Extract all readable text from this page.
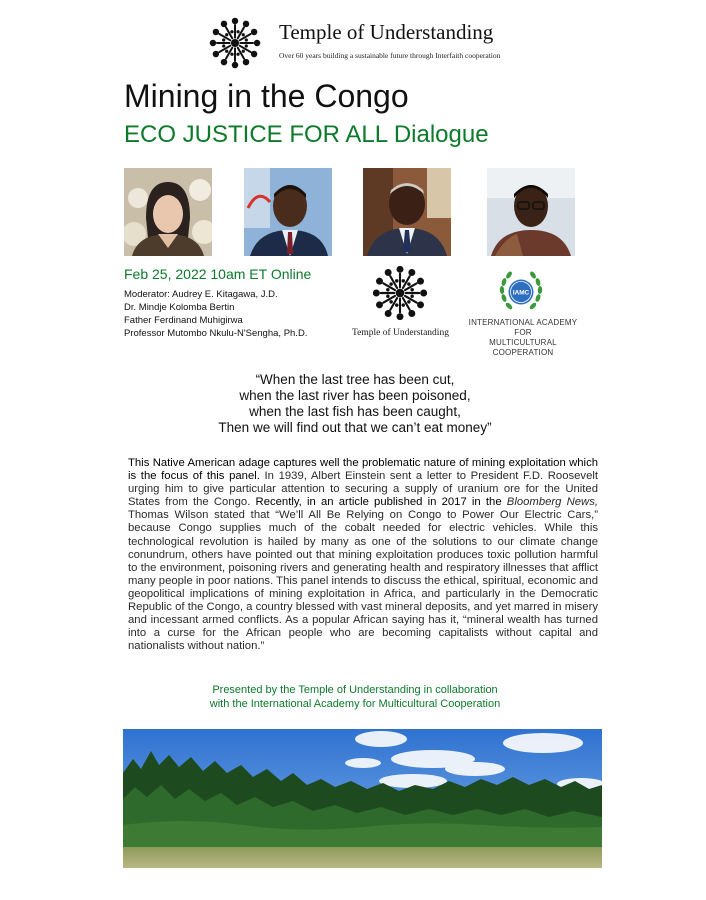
Temple of Understanding
Over 60 years building a sustainable future through Interfaith cooperation
Mining in the Congo
ECO JUSTICE FOR ALL Dialogue
Feb 25, 2022 10am ET Online
Moderator: Audrey E. Kitagawa, J.D.
Dr. Mindje Kolomba Bertin
Father Ferdinand Muhigirwa
Professor Mutombo Nkulu-N'Sengha, Ph.D.	Temple of Understanding
IAMC
INTERNATIONAL ACADEMY FOR
MULTICULTURAL COOPERATION
“When the last tree has been cut,
when the last river has been poisoned,
when the last fish has been caught,
Then we will find out that we can’t eat money”
This Native American adage captures well the problematic nature of mining exploitation which is the focus of this panel. In 1939, Albert Einstein sent a letter to President F.D. Roosevelt urging him to give particular attention to securing a supply of uranium ore for the United States from the Congo. Recently, in an article published in 2017 in the Bloomberg News, Thomas Wilson stated that “We’ll All Be Relying on Congo to Power Our Electric Cars,” because Congo supplies much of the cobalt needed for electric vehicles. While this technological revolution is hailed by many as one of the solutions to our climate change conundrum, others have pointed out that mining exploitation produces toxic pollution harmful to the environment, poisoning rivers and generating health and respiratory illnesses that afflict many people in poor nations. This panel intends to discuss the ethical, spiritual, economic and geopolitical implications of mining exploitation in Africa, and particularly in the Democratic Republic of the Congo, a country blessed with vast mineral deposits, and yet marred in misery and incessant armed conflicts. As a popular African saying has it, “mineral wealth has turned into a curse for the African people who are becoming capitalists without capital and nationalists without nation.”
Presented by the Temple of Understanding in collaboration
with the International Academy for Multicultural Cooperation
